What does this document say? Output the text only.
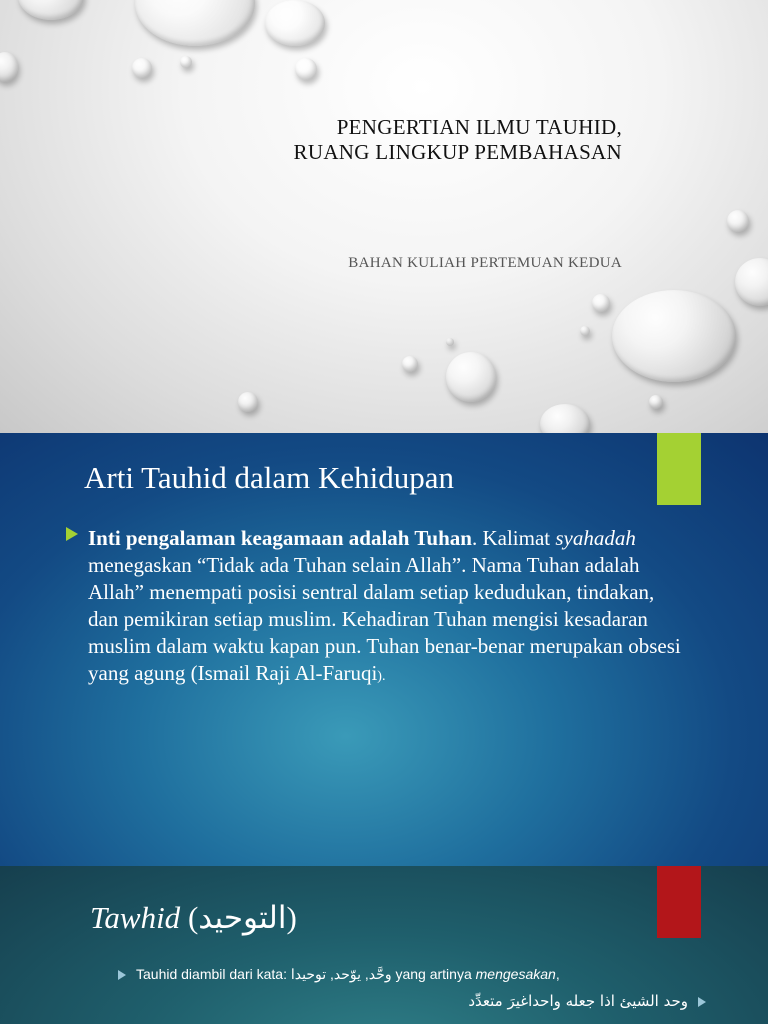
PENGERTIAN ILMU TAUHID,
RUANG LINGKUP PEMBAHASAN
BAHAN KULIAH PERTEMUAN KEDUA
Arti Tauhid dalam Kehidupan
Inti pengalaman keagamaan adalah Tuhan. Kalimat syahadah menegaskan “Tidak ada Tuhan selain Allah”. Nama Tuhan adalah Allah” menempati posisi sentral dalam setiap kedudukan, tindakan, dan pemikiran setiap muslim. Kehadiran Tuhan mengisi kesadaran muslim dalam waktu kapan pun. Tuhan benar-benar merupakan obsesi yang agung (Ismail Raji Al-Faruqi).
Tawhid (التوحيد)
Tauhid diambil dari kata: وحَّد, يوّحد, توحيدا yang artinya mengesakan,
وحد الشيئ اذا جعله واحداغيرَ متعدِّد
